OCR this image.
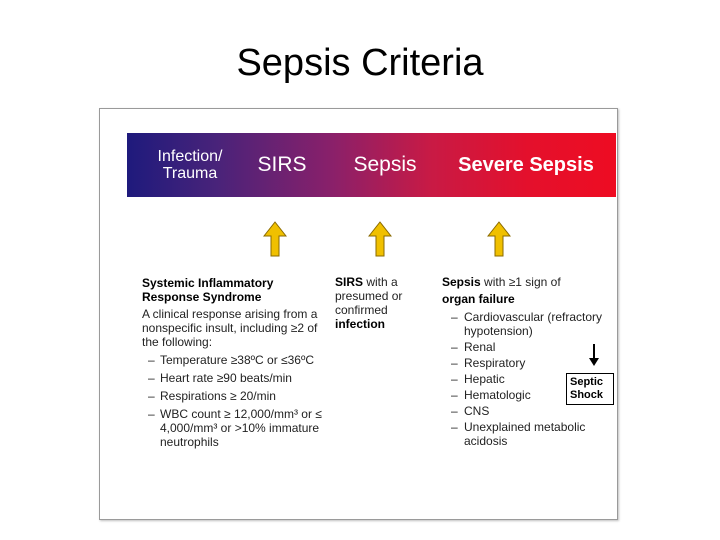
Sepsis Criteria
Infection/ Trauma	SIRS	Sepsis	Severe Sepsis
Systemic Inflammatory Response Syndrome
A clinical response arising from a nonspecific insult, including ≥2 of the following:
– Temperature ≥38ºC or ≤36ºC
– Heart rate ≥90 beats/min
– Respirations ≥ 20/min
– WBC count ≥ 12,000/mm³ or ≤ 4,000/mm³ or >10% immature neutrophils
SIRS with a presumed or confirmed infection
Sepsis with ≥1 sign of
organ failure
– Cardiovascular (refractory hypotension)
– Renal
– Respiratory
– Hepatic
– Hematologic
– CNS
– Unexplained metabolic acidosis
Septic Shock
